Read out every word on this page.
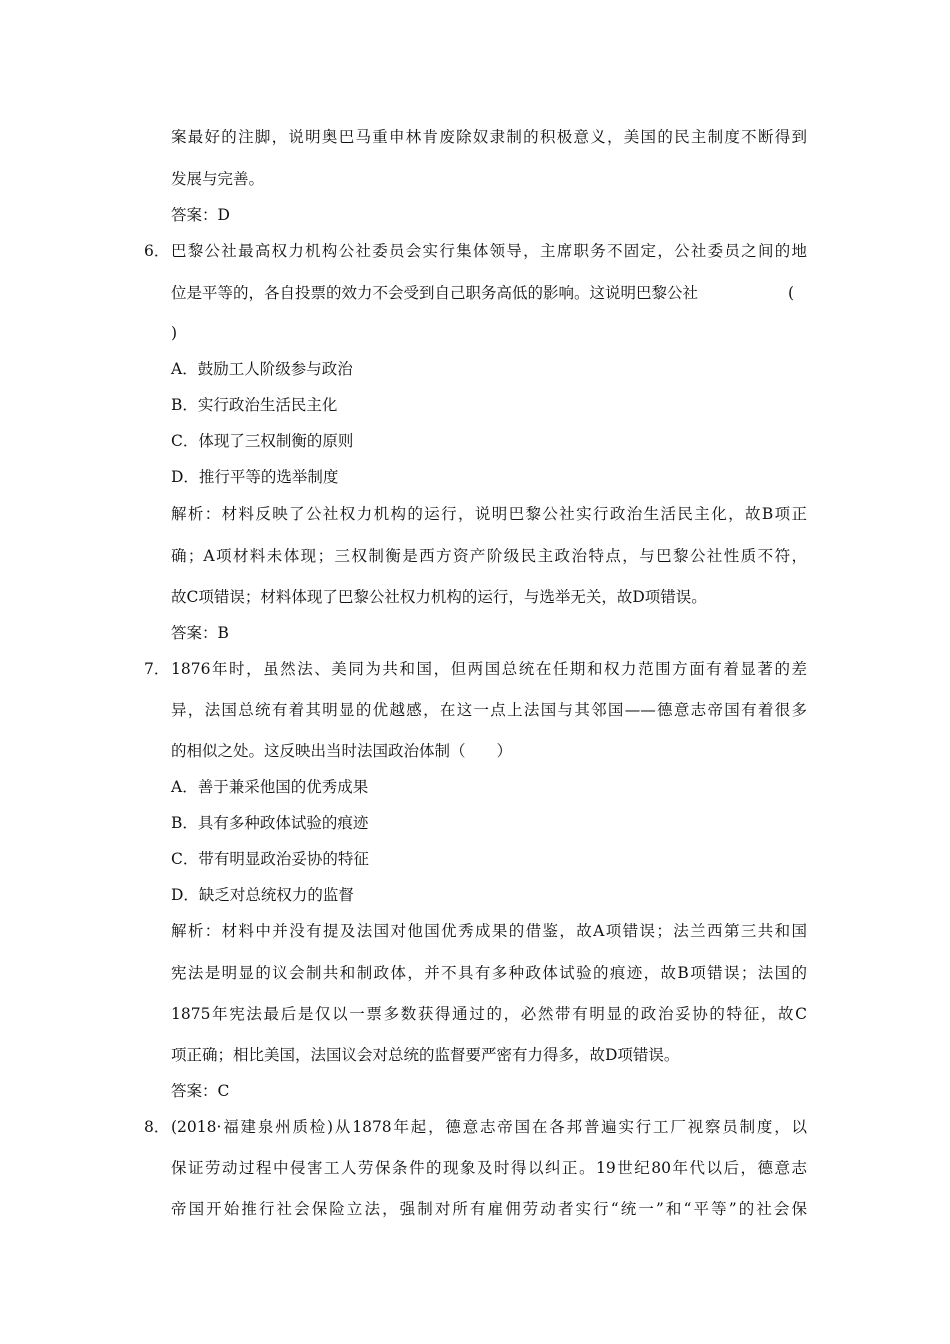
案最好的注脚，说明奥巴马重申林肯废除奴隶制的积极意义，美国的民主制度不断得到
发展与完善。
答案：D
6． 巴黎公社最高权力机构公社委员会实行集体领导，主席职务不固定，公社委员之间的地
位是平等的，各自投票的效力不会受到自己职务高低的影响。这说明巴黎公社	(
)
A．鼓励工人阶级参与政治
B．实行政治生活民主化
C．体现了三权制衡的原则
D．推行平等的选举制度
解析：材料反映了公社权力机构的运行，说明巴黎公社实行政治生活民主化，故B项正
确；A项材料未体现；三权制衡是西方资产阶级民主政治特点，与巴黎公社性质不符，
故C项错误；材料体现了巴黎公社权力机构的运行，与选举无关，故D项错误。
答案：B
7． 1876年时，虽然法、美同为共和国，但两国总统在任期和权力范围方面有着显著的差
异，法国总统有着其明显的优越感，在这一点上法国与其邻国——德意志帝国有着很多
的相似之处。这反映出当时法国政治体制（　　）
A．善于兼采他国的优秀成果
B．具有多种政体试验的痕迹
C．带有明显政治妥协的特征
D．缺乏对总统权力的监督
解析：材料中并没有提及法国对他国优秀成果的借鉴，故A项错误；法兰西第三共和国
宪法是明显的议会制共和制政体，并不具有多种政体试验的痕迹，故B项错误；法国的
1875年宪法最后是仅以一票多数获得通过的，必然带有明显的政治妥协的特征，故C
项正确；相比美国，法国议会对总统的监督要严密有力得多，故D项错误。
答案：C
8． (2018·福建泉州质检)从1878年起，德意志帝国在各邦普遍实行工厂视察员制度，以
保证劳动过程中侵害工人劳保条件的现象及时得以纠正。19世纪80年代以后，德意志
帝国开始推行社会保险立法，强制对所有雇佣劳动者实行“统一”和“平等”的社会保
